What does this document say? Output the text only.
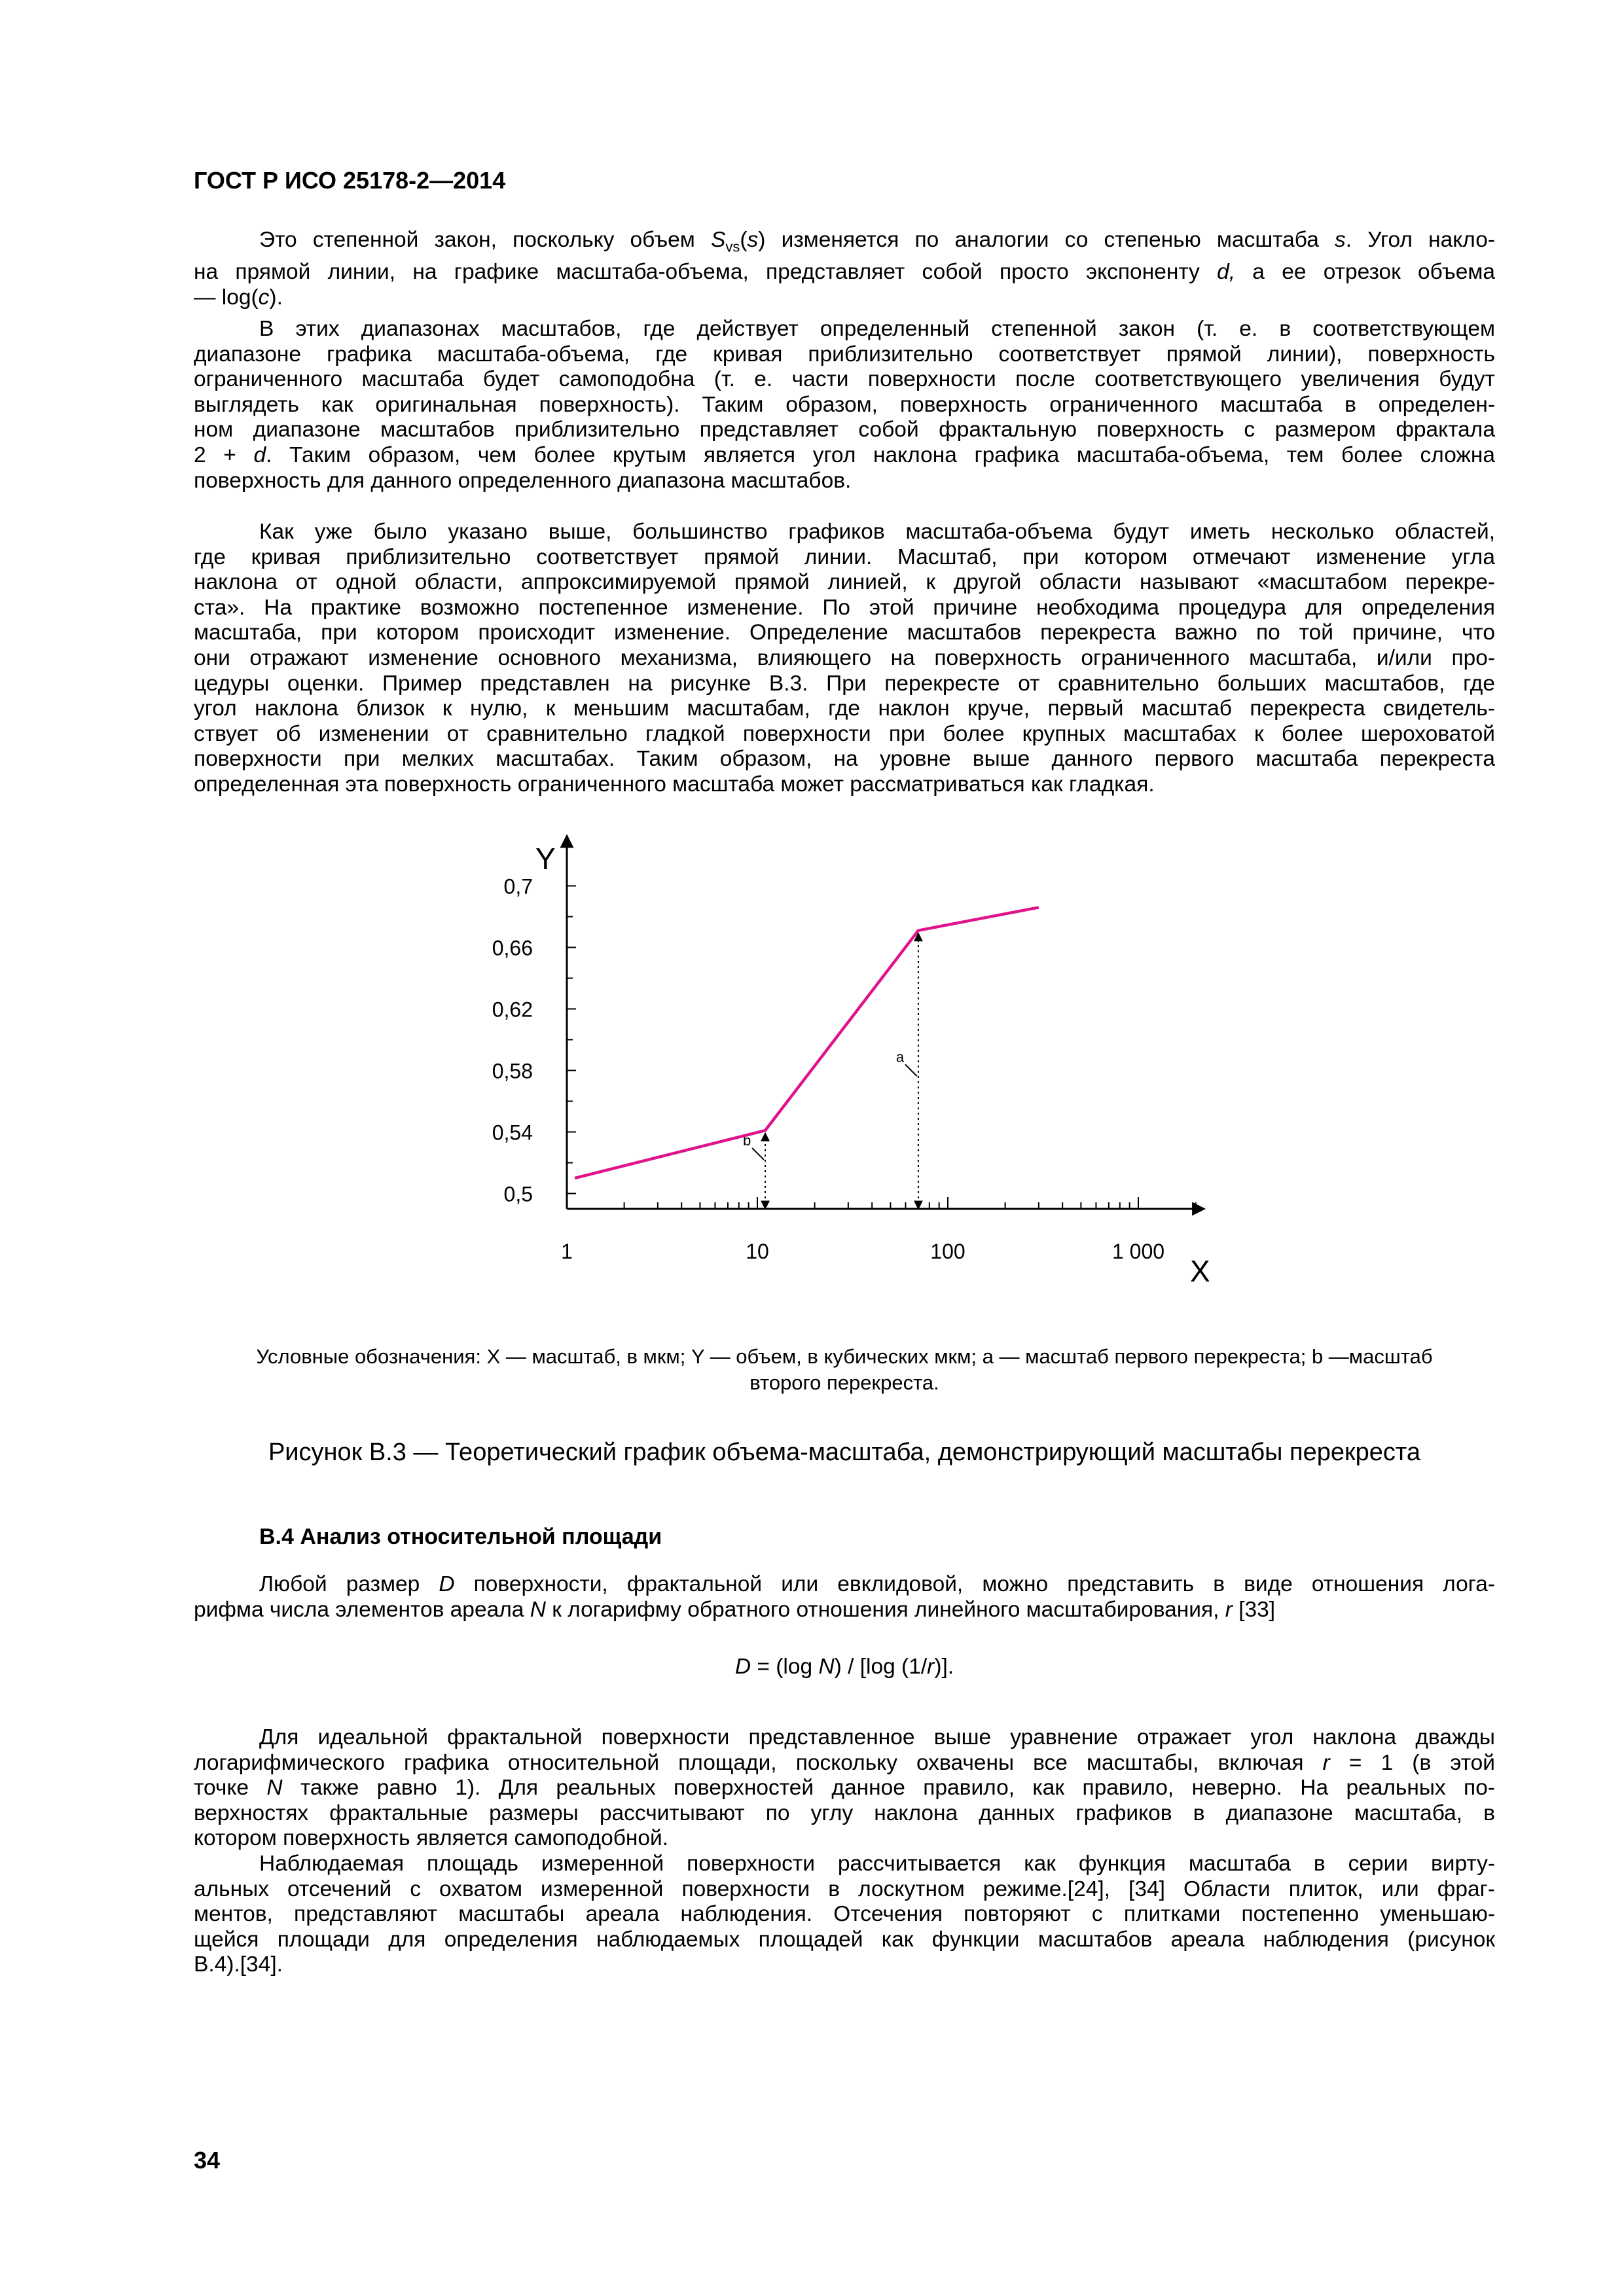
ГОСТ Р ИСО 25178-2—2014
Это степенной закон, поскольку объем $S_{vs}(s)$ изменяется по аналогии со степенью масштаба s. Угол накло-
на прямой линии, на графике масштаба-объема, представляет собой просто экспоненту d, а ее отрезок объема
— log(c).
В этих диапазонах масштабов, где действует определенный степенной закон (т. е. в соответствующем
диапазоне графика масштаба-объема, где кривая приблизительно соответствует прямой линии), поверхность
ограниченного масштаба будет самоподобна (т. е. части поверхности после соответствующего увеличения будут
выглядеть как оригинальная поверхность). Таким образом, поверхность ограниченного масштаба в определен-
ном диапазоне масштабов приблизительно представляет собой фрактальную поверхность с размером фрактала
2 + d. Таким образом, чем более крутым является угол наклона графика масштаба-объема, тем более сложна
поверхность для данного определенного диапазона масштабов.
Как уже было указано выше, большинство графиков масштаба-объема будут иметь несколько областей,
где кривая приблизительно соответствует прямой линии. Масштаб, при котором отмечают изменение угла
наклона от одной области, аппроксимируемой прямой линией, к другой области называют «масштабом перекре-
ста». На практике возможно постепенное изменение. По этой причине необходима процедура для определения
масштаба, при котором происходит изменение. Определение масштабов перекреста важно по той причине, что
они отражают изменение основного механизма, влияющего на поверхность ограниченного масштаба, и/или про-
цедуры оценки. Пример представлен на рисунке В.3. При перекресте от сравнительно больших масштабов, где
угол наклона близок к нулю, к меньшим масштабам, где наклон круче, первый масштаб перекреста свидетель-
ствует об изменении от сравнительно гладкой поверхности при более крупных масштабах к более шероховатой
поверхности при мелких масштабах. Таким образом, на уровне выше данного первого масштаба перекреста
определенная эта поверхность ограниченного масштаба может рассматриваться как гладкая.
0,5
0,54
0,58
0,62
0,66
0,7
1	10	100	1 000
a
b
Y
X
Условные обозначения: X — масштаб, в мкм; Y — объем, в кубических мкм; a — масштаб первого перекреста; b —масштаб
второго перекреста.
Рисунок В.3 — Теоретический график объема-масштаба, демонстрирующий масштабы перекреста
В.4 Анализ относительной площади
Любой размер D поверхности, фрактальной или евклидовой, можно представить в виде отношения лога-
рифма числа элементов ареала N к логарифму обратного отношения линейного масштабирования, r [33]
D = (log N) / [log (1/r)].
Для идеальной фрактальной поверхности представленное выше уравнение отражает угол наклона дважды
логарифмического графика относительной площади, поскольку охвачены все масштабы, включая r = 1 (в этой
точке N также равно 1). Для реальных поверхностей данное правило, как правило, неверно. На реальных по-
верхностях фрактальные размеры рассчитывают по углу наклона данных графиков в диапазоне масштаба, в
котором поверхность является самоподобной.
Наблюдаемая площадь измеренной поверхности рассчитывается как функция масштаба в серии вирту-
альных отсечений с охватом измеренной поверхности в лоскутном режиме.[24], [34] Области плиток, или фраг-
ментов, представляют масштабы ареала наблюдения. Отсечения повторяют с плитками постепенно уменьшаю-
щейся площади для определения наблюдаемых площадей как функции масштабов ареала наблюдения (рисунок
В.4).[34].
34
